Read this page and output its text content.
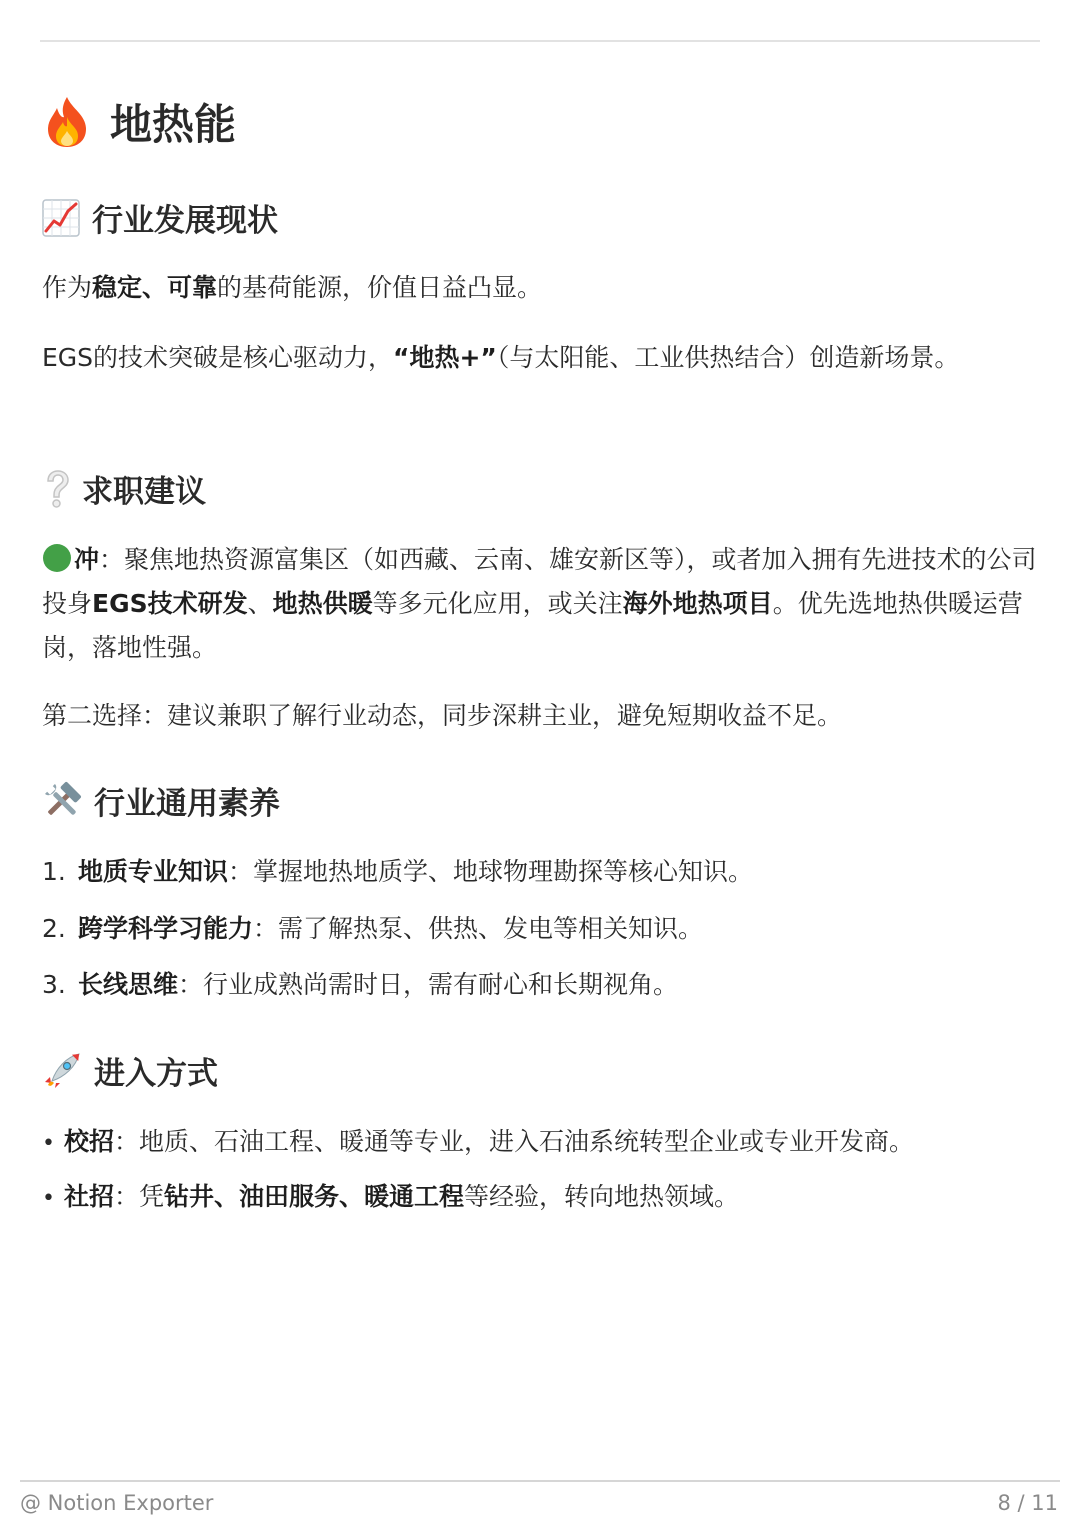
地热能
行业发展现状
作为稳定、可靠的基荷能源，价值日益凸显。
EGS的技术突破是核心驱动力，“地热+”（与太阳能、工业供热结合）创造新场景。
求职建议
冲：聚焦地热资源富集区（如西藏、云南、雄安新区等），或者加入拥有先进技术的公司投身EGS技术研发、地热供暖等多元化应用，或关注海外地热项目。优先选地热供暖运营岗，落地性强。
第二选择：建议兼职了解行业动态，同步深耕主业，避免短期收益不足。
行业通用素养
1. 地质专业知识：掌握地热地质学、地球物理勘探等核心知识。
2. 跨学科学习能力：需了解热泵、供热、发电等相关知识。
3. 长线思维：行业成熟尚需时日，需有耐心和长期视角。
进入方式
• 校招：地质、石油工程、暖通等专业，进入石油系统转型企业或专业开发商。
• 社招：凭钻井、油田服务、暖通工程等经验，转向地热领域。
@ Notion Exporter	8 / 11
